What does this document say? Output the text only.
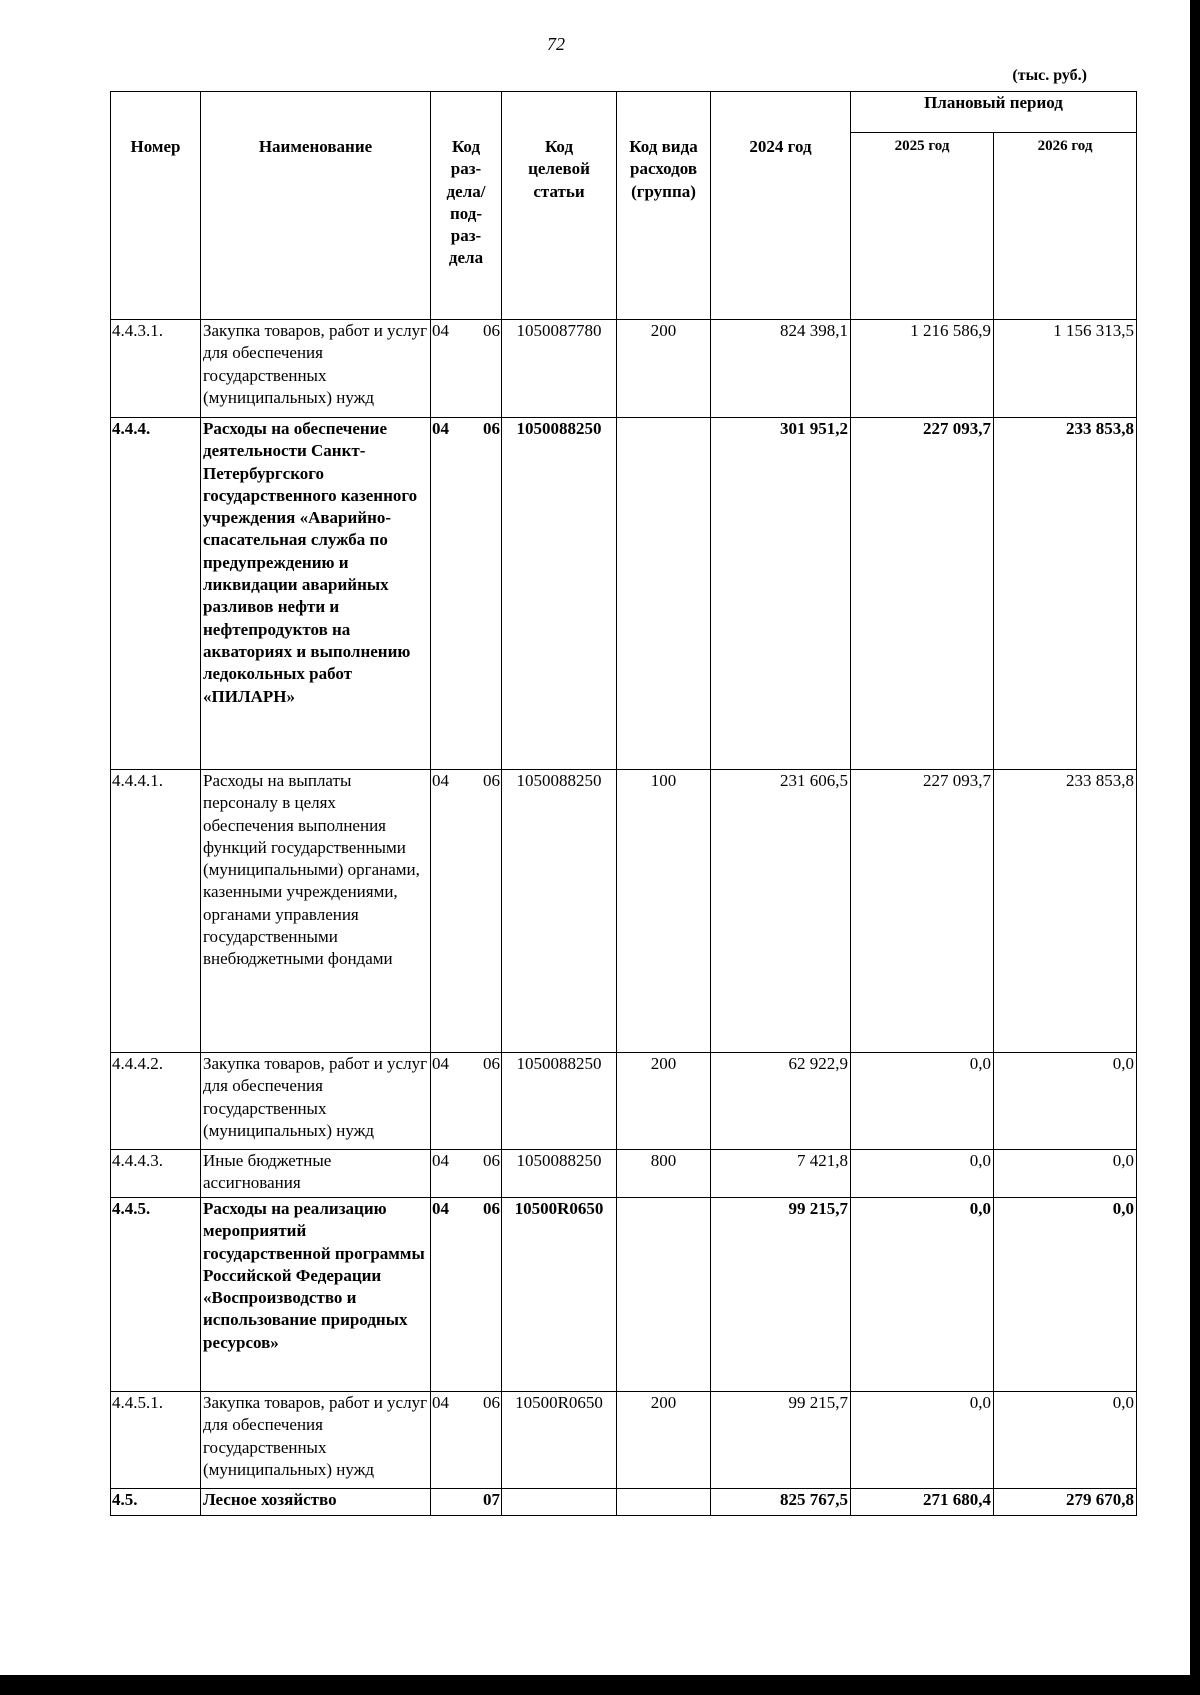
72
(тыс. руб.)
Номер	Наименование	Код раз- дела/ под- раз- дела	Код целевой статьи	Код вида расходов (группа)	2024 год	Плановый период	
						2025 год	2026 год
4.4.3.1.	Закупка товаров, работ и услуг для обеспечения государственных (муниципальных) нужд	04 06	1050087780	200	824 398,1	1 216 586,9	1 156 313,5
4.4.4.	Расходы на обеспечение деятельности Санкт-Петербургского государственного казенного учреждения «Аварийно-спасательная служба по предупреждению и ликвидации аварийных разливов нефти и нефтепродуктов на акваториях и выполнению ледокольных работ «ПИЛАРН»	04 06	1050088250		301 951,2	227 093,7	233 853,8
4.4.4.1.	Расходы на выплаты персоналу в целях обеспечения выполнения функций государственными (муниципальными) органами, казенными учреждениями, органами управления государственными внебюджетными фондами	04 06	1050088250	100	231 606,5	227 093,7	233 853,8
4.4.4.2.	Закупка товаров, работ и услуг для обеспечения государственных (муниципальных) нужд	04 06	1050088250	200	62 922,9	0,0	0,0
4.4.4.3.	Иные бюджетные ассигнования	04 06	1050088250	800	7 421,8	0,0	0,0
4.4.5.	Расходы на реализацию мероприятий государственной программы Российской Федерации «Воспроизводство и использование природных ресурсов»	04 06	10500R0650		99 215,7	0,0	0,0
4.4.5.1.	Закупка товаров, работ и услуг для обеспечения государственных (муниципальных) нужд	04 06	10500R0650	200	99 215,7	0,0	0,0
4.5.	Лесное хозяйство	07			825 767,5	271 680,4	279 670,8
